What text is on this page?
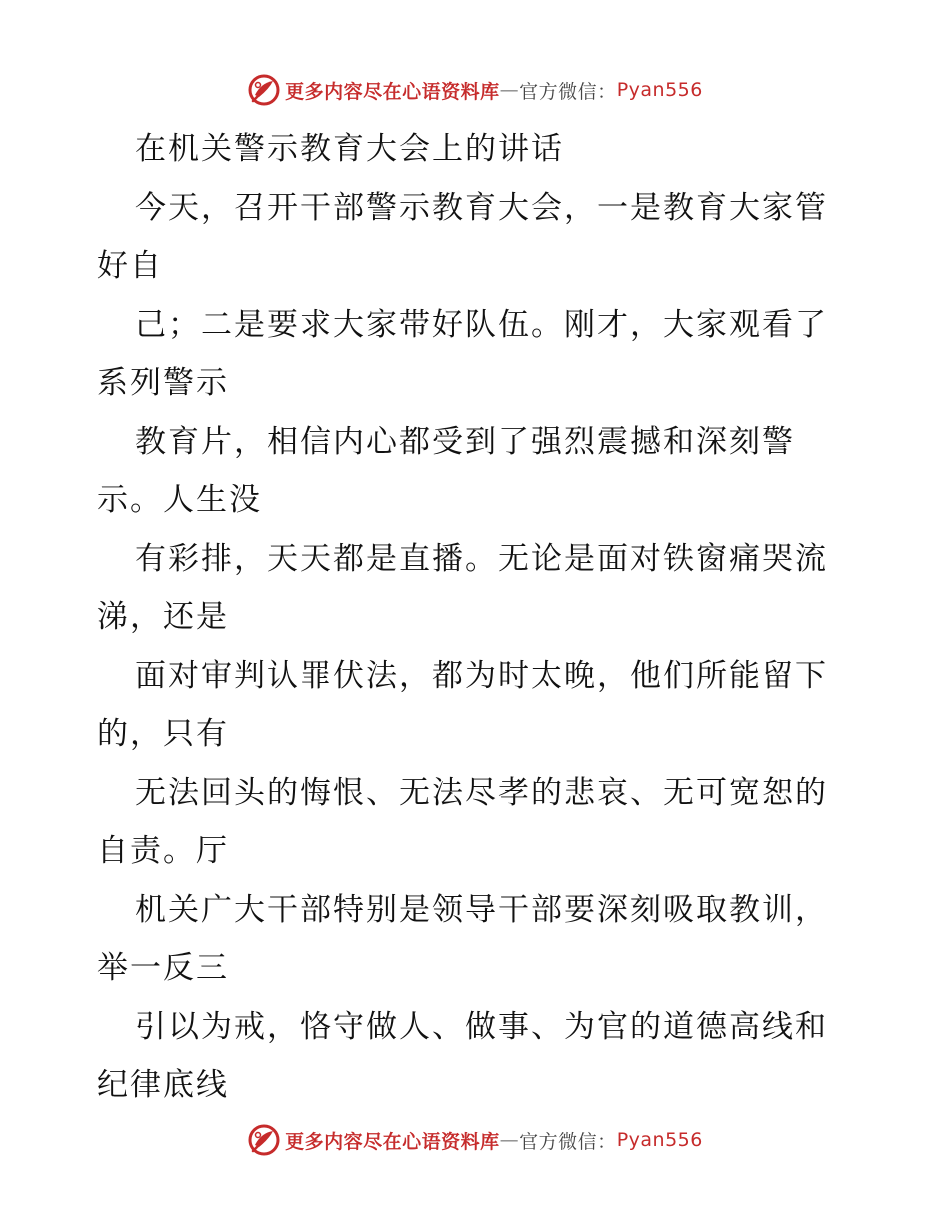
更多内容尽在心语资料库 — 官方微信： Pyan556
在机关警示教育大会上的讲话
今天，召开干部警示教育大会，一是教育大家管
好自
己；二是要求大家带好队伍。刚才，大家观看了
系列警示
教育片，相信内心都受到了强烈震撼和深刻警
示。人生没
有彩排，天天都是直播。无论是面对铁窗痛哭流
涕，还是
面对审判认罪伏法，都为时太晚，他们所能留下
的，只有
无法回头的悔恨、无法尽孝的悲哀、无可宽恕的
自责。厅
机关广大干部特别是领导干部要深刻吸取教训，
举一反三
引以为戒，恪守做人、做事、为官的道德高线和
纪律底线
更多内容尽在心语资料库 — 官方微信： Pyan556
